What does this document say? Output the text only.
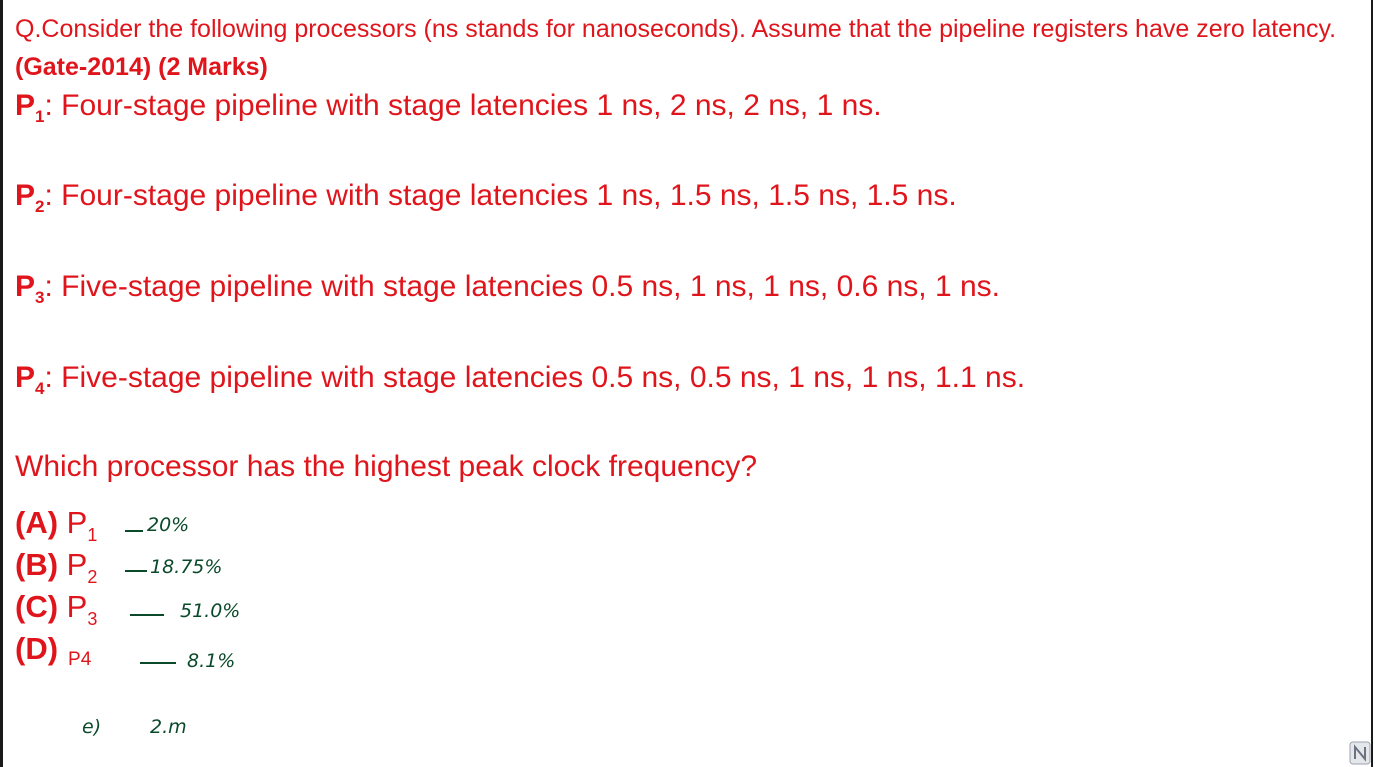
Q.Consider the following processors (ns stands for nanoseconds). Assume that the pipeline registers have zero latency. (Gate-2014) (2 Marks)
$P_1$: Four-stage pipeline with stage latencies 1 ns, 2 ns, 2 ns, 1 ns.
$P_2$: Four-stage pipeline with stage latencies 1 ns, 1.5 ns, 1.5 ns, 1.5 ns.
$P_3$: Five-stage pipeline with stage latencies 0.5 ns, 1 ns, 1 ns, 0.6 ns, 1 ns.
$P_4$: Five-stage pipeline with stage latencies 0.5 ns, 0.5 ns, 1 ns, 1 ns, 1.1 ns.
Which processor has the highest peak clock frequency?
(A) $P_1$
(B) $P_2$
(C) $P_3$
(D) P4
20%
18.75%
51.0%
8.1%
e)	2.m
